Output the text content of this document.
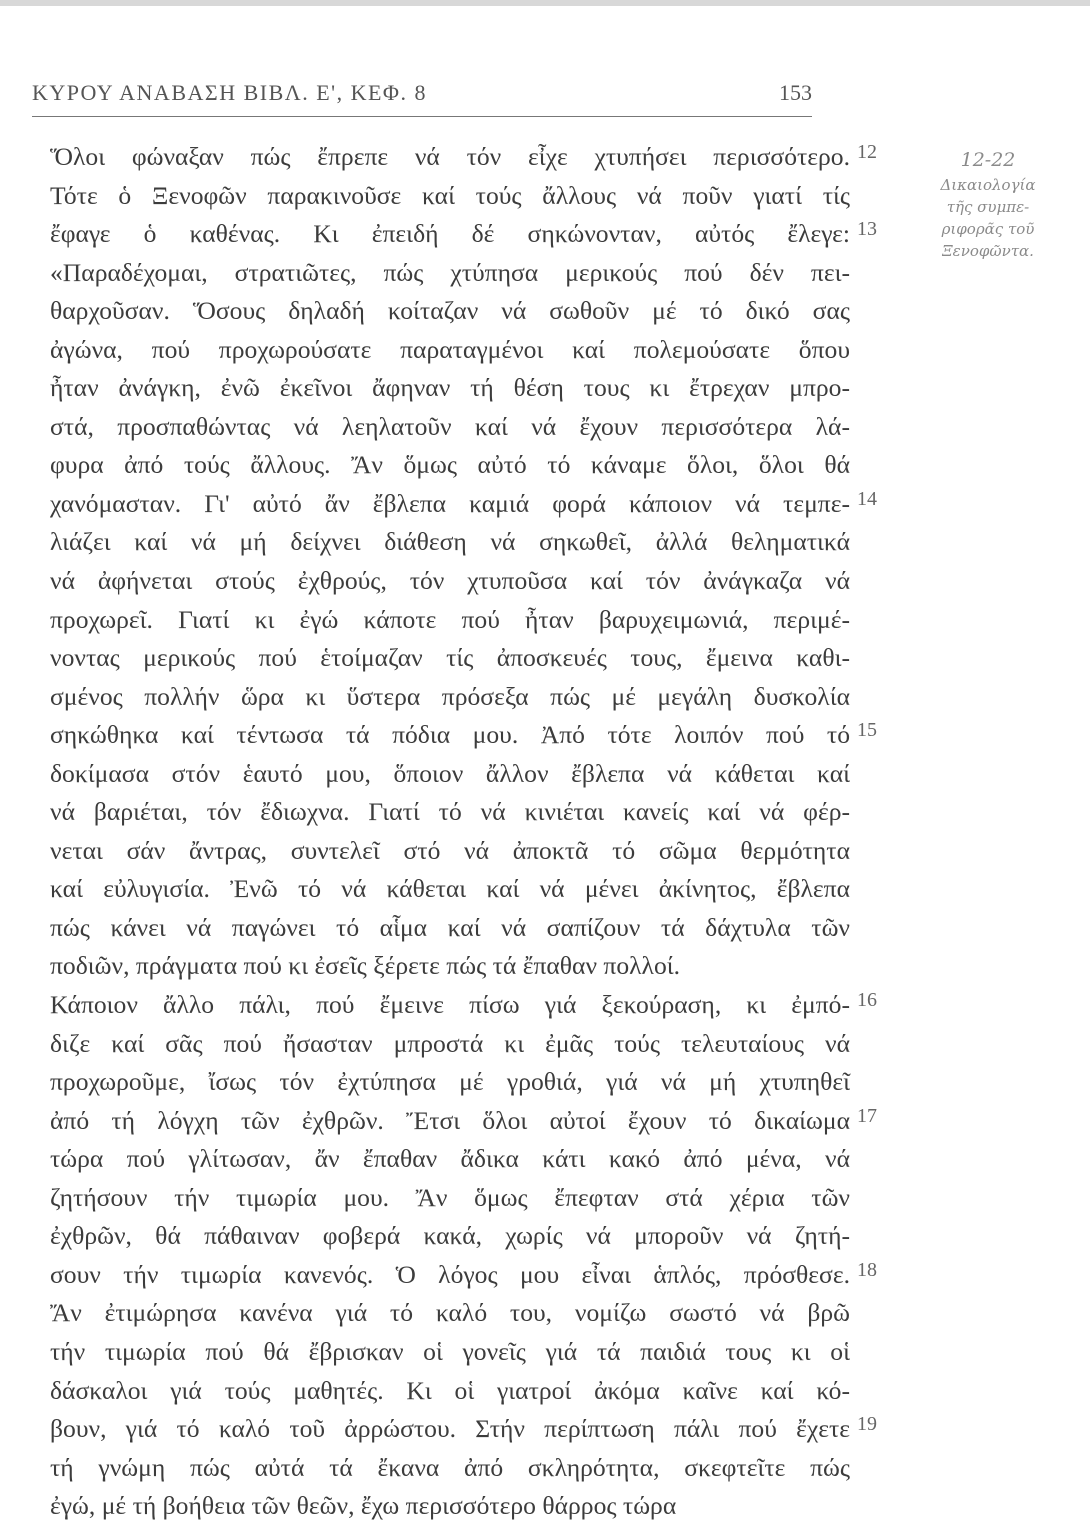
ΚΥΡΟΥ ΑΝΑΒΑΣΗ ΒΙΒΛ. Ε', ΚΕΦ. 8	153
Ὅλοι φώναξαν πώς ἔπρεπε νά τόν εἶχε χτυπήσει περισσότερο.
Τότε ὁ Ξενοφῶν παρακινοῦσε καί τούς ἄλλους νά ποῦν γιατί τίς
ἔφαγε ὁ καθένας. Κι ἐπειδή δέ σηκώνονταν, αὐτός ἔλεγε:
«Παραδέχομαι, στρατιῶτες, πώς χτύπησα μερικούς πού δέν πει-
θαρχοῦσαν. Ὅσους δηλαδή κοίταζαν νά σωθοῦν μέ τό δικό σας
ἀγώνα, πού προχωρούσατε παραταγμένοι καί πολεμούσατε ὅπου
ἦταν ἀνάγκη, ἐνῶ ἐκεῖνοι ἄφηναν τή θέση τους κι ἔτρεχαν μπρο-
στά, προσπαθώντας νά λεηλατοῦν καί νά ἔχουν περισσότερα λά-
φυρα ἀπό τούς ἄλλους. Ἄν ὅμως αὐτό τό κάναμε ὅλοι, ὅλοι θά
χανόμασταν. Γι' αὐτό ἄν ἔβλεπα καμιά φορά κάποιον νά τεμπε-
λιάζει καί νά μή δείχνει διάθεση νά σηκωθεῖ, ἀλλά θεληματικά
νά ἀφήνεται στούς ἐχθρούς, τόν χτυποῦσα καί τόν ἀνάγκαζα νά
προχωρεῖ. Γιατί κι ἐγώ κάποτε πού ἦταν βαρυχειμωνιά, περιμέ-
νοντας μερικούς πού ἑτοίμαζαν τίς ἀποσκευές τους, ἔμεινα καθι-
σμένος πολλήν ὥρα κι ὕστερα πρόσεξα πώς μέ μεγάλη δυσκολία
σηκώθηκα καί τέντωσα τά πόδια μου. Ἀπό τότε λοιπόν πού τό
δοκίμασα στόν ἑαυτό μου, ὅποιον ἄλλον ἔβλεπα νά κάθεται καί
νά βαριέται, τόν ἔδιωχνα. Γιατί τό νά κινιέται κανείς καί νά φέρ-
νεται σάν ἄντρας, συντελεῖ στό νά ἀποκτᾶ τό σῶμα θερμότητα
καί εὐλυγισία. Ἐνῶ τό νά κάθεται καί νά μένει ἀκίνητος, ἔβλεπα
πώς κάνει νά παγώνει τό αἷμα καί νά σαπίζουν τά δάχτυλα τῶν
ποδιῶν, πράγματα πού κι ἐσεῖς ξέρετε πώς τά ἔπαθαν πολλοί.
Κάποιον ἄλλο πάλι, πού ἔμεινε πίσω γιά ξεκούραση, κι ἐμπό-
διζε καί σᾶς πού ἤσασταν μπροστά κι ἐμᾶς τούς τελευταίους νά
προχωροῦμε, ἴσως τόν ἐχτύπησα μέ γροθιά, γιά νά μή χτυπηθεῖ
ἀπό τή λόγχη τῶν ἐχθρῶν. Ἔτσι ὅλοι αὐτοί ἔχουν τό δικαίωμα
τώρα πού γλίτωσαν, ἄν ἔπαθαν ἄδικα κάτι κακό ἀπό μένα, νά
ζητήσουν τήν τιμωρία μου. Ἄν ὅμως ἔπεφταν στά χέρια τῶν
ἐχθρῶν, θά πάθαιναν φοβερά κακά, χωρίς νά μποροῦν νά ζητή-
σουν τήν τιμωρία κανενός. Ὁ λόγος μου εἶναι ἁπλός, πρόσθεσε.
Ἄν ἐτιμώρησα κανένα γιά τό καλό του, νομίζω σωστό νά βρῶ
τήν τιμωρία πού θά ἔβρισκαν οἱ γονεῖς γιά τά παιδιά τους κι οἱ
δάσκαλοι γιά τούς μαθητές. Κι οἱ γιατροί ἀκόμα καῖνε καί κό-
βουν, γιά τό καλό τοῦ ἀρρώστου. Στήν περίπτωση πάλι πού ἔχετε
τή γνώμη πώς αὐτά τά ἔκανα ἀπό σκληρότητα, σκεφτεῖτε πώς
ἐγώ, μέ τή βοήθεια τῶν θεῶν, ἔχω περισσότερο θάρρος τώρα
12
13
14
15
16
17
18
19
12-22
Δικαιολογία
τῆς συμπε-
ριφορᾶς τοῦ
Ξενοφῶντα.
